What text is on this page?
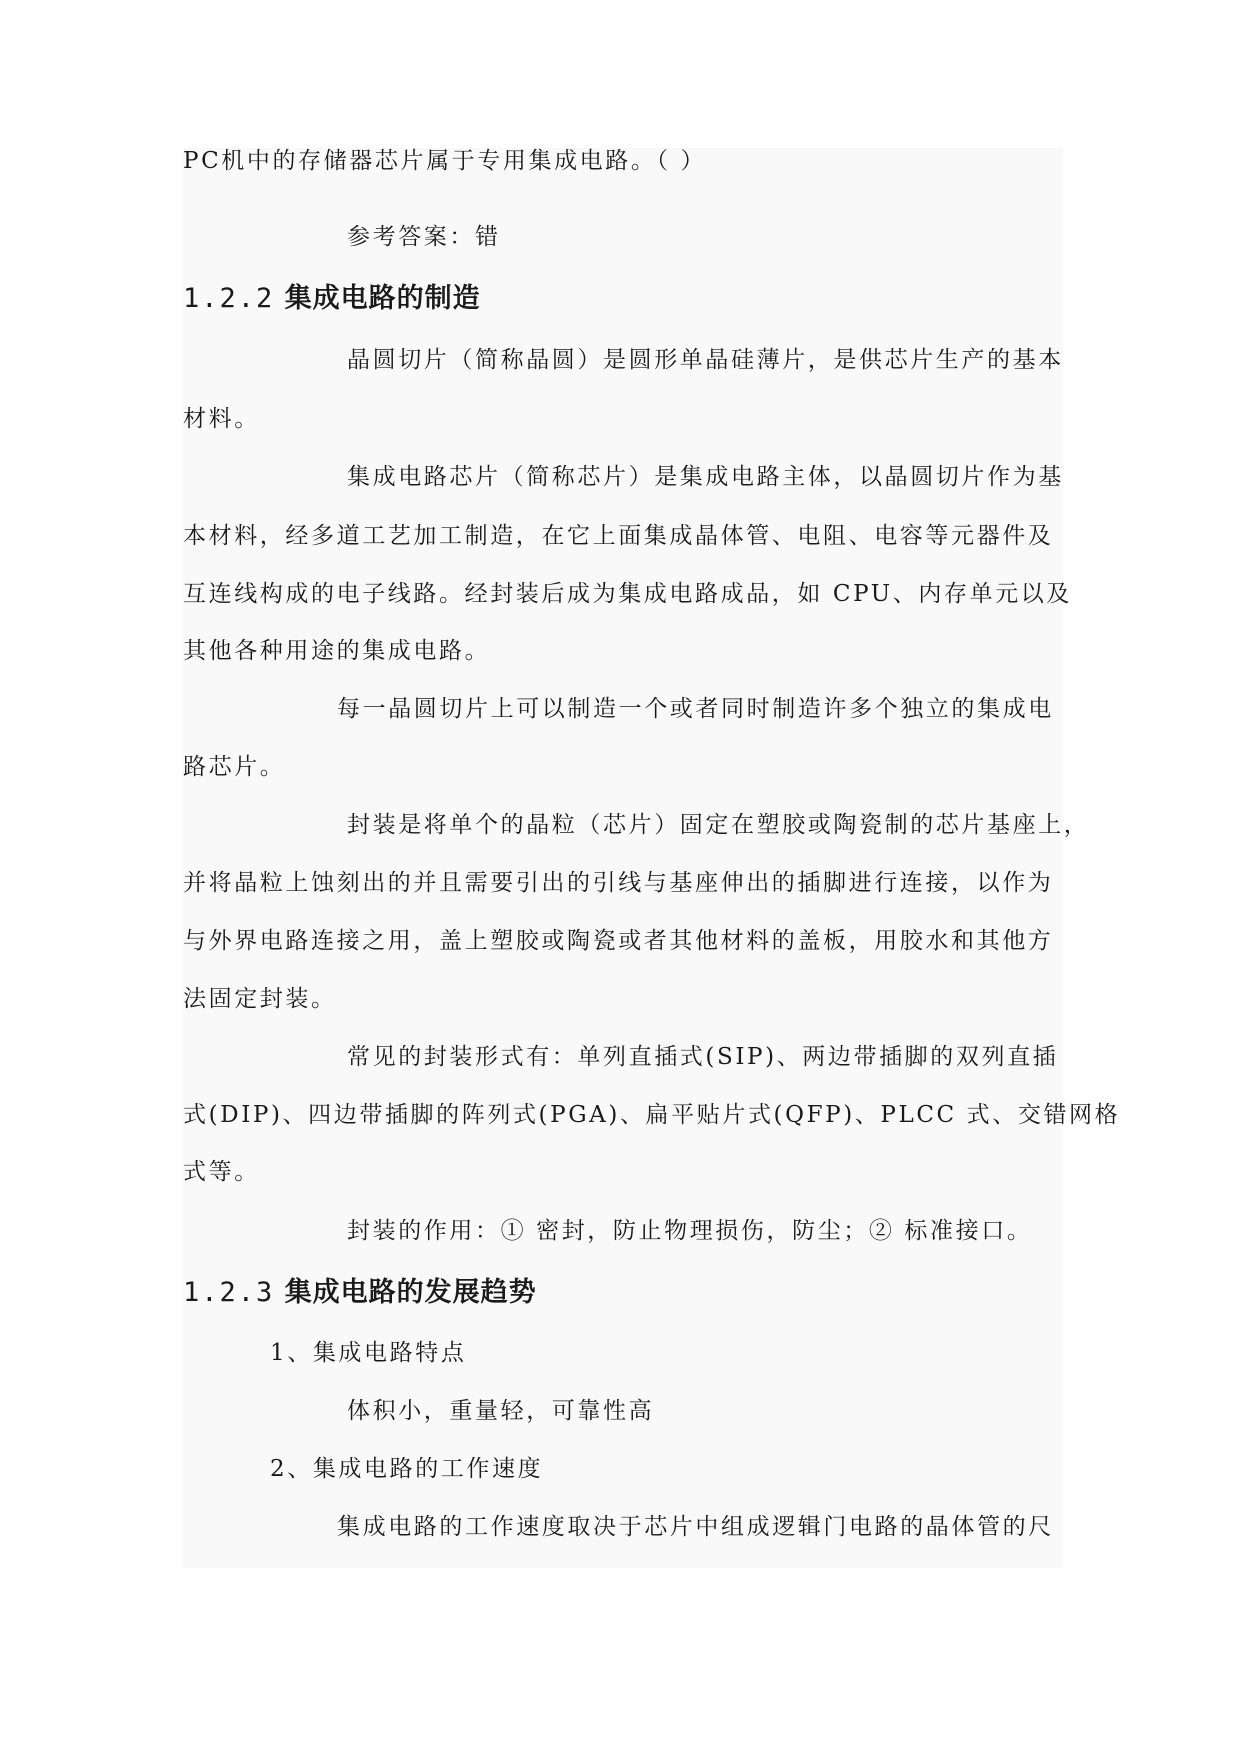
PC机中的存储器芯片属于专用集成电路。（ ）
参考答案：错
1.2.2 集成电路的制造
晶圆切片（简称晶圆）是圆形单晶硅薄片，是供芯片生产的基本
材料。
集成电路芯片（简称芯片）是集成电路主体，以晶圆切片作为基
本材料，经多道工艺加工制造，在它上面集成晶体管、电阻、电容等元器件及
互连线构成的电子线路。经封装后成为集成电路成品，如 CPU、内存单元以及
其他各种用途的集成电路。
每一晶圆切片上可以制造一个或者同时制造许多个独立的集成电
路芯片。
封装是将单个的晶粒（芯片）固定在塑胶或陶瓷制的芯片基座上，
并将晶粒上蚀刻出的并且需要引出的引线与基座伸出的插脚进行连接，以作为
与外界电路连接之用，盖上塑胶或陶瓷或者其他材料的盖板，用胶水和其他方
法固定封装。
常见的封装形式有：单列直插式(SIP)、两边带插脚的双列直插
式(DIP)、四边带插脚的阵列式(PGA)、扁平贴片式(QFP)、PLCC 式、交错网格
式等。
封装的作用：① 密封，防止物理损伤，防尘；② 标准接口。
1.2.3 集成电路的发展趋势
1、集成电路特点
体积小，重量轻，可靠性高
2、集成电路的工作速度
集成电路的工作速度取决于芯片中组成逻辑门电路的晶体管的尺
